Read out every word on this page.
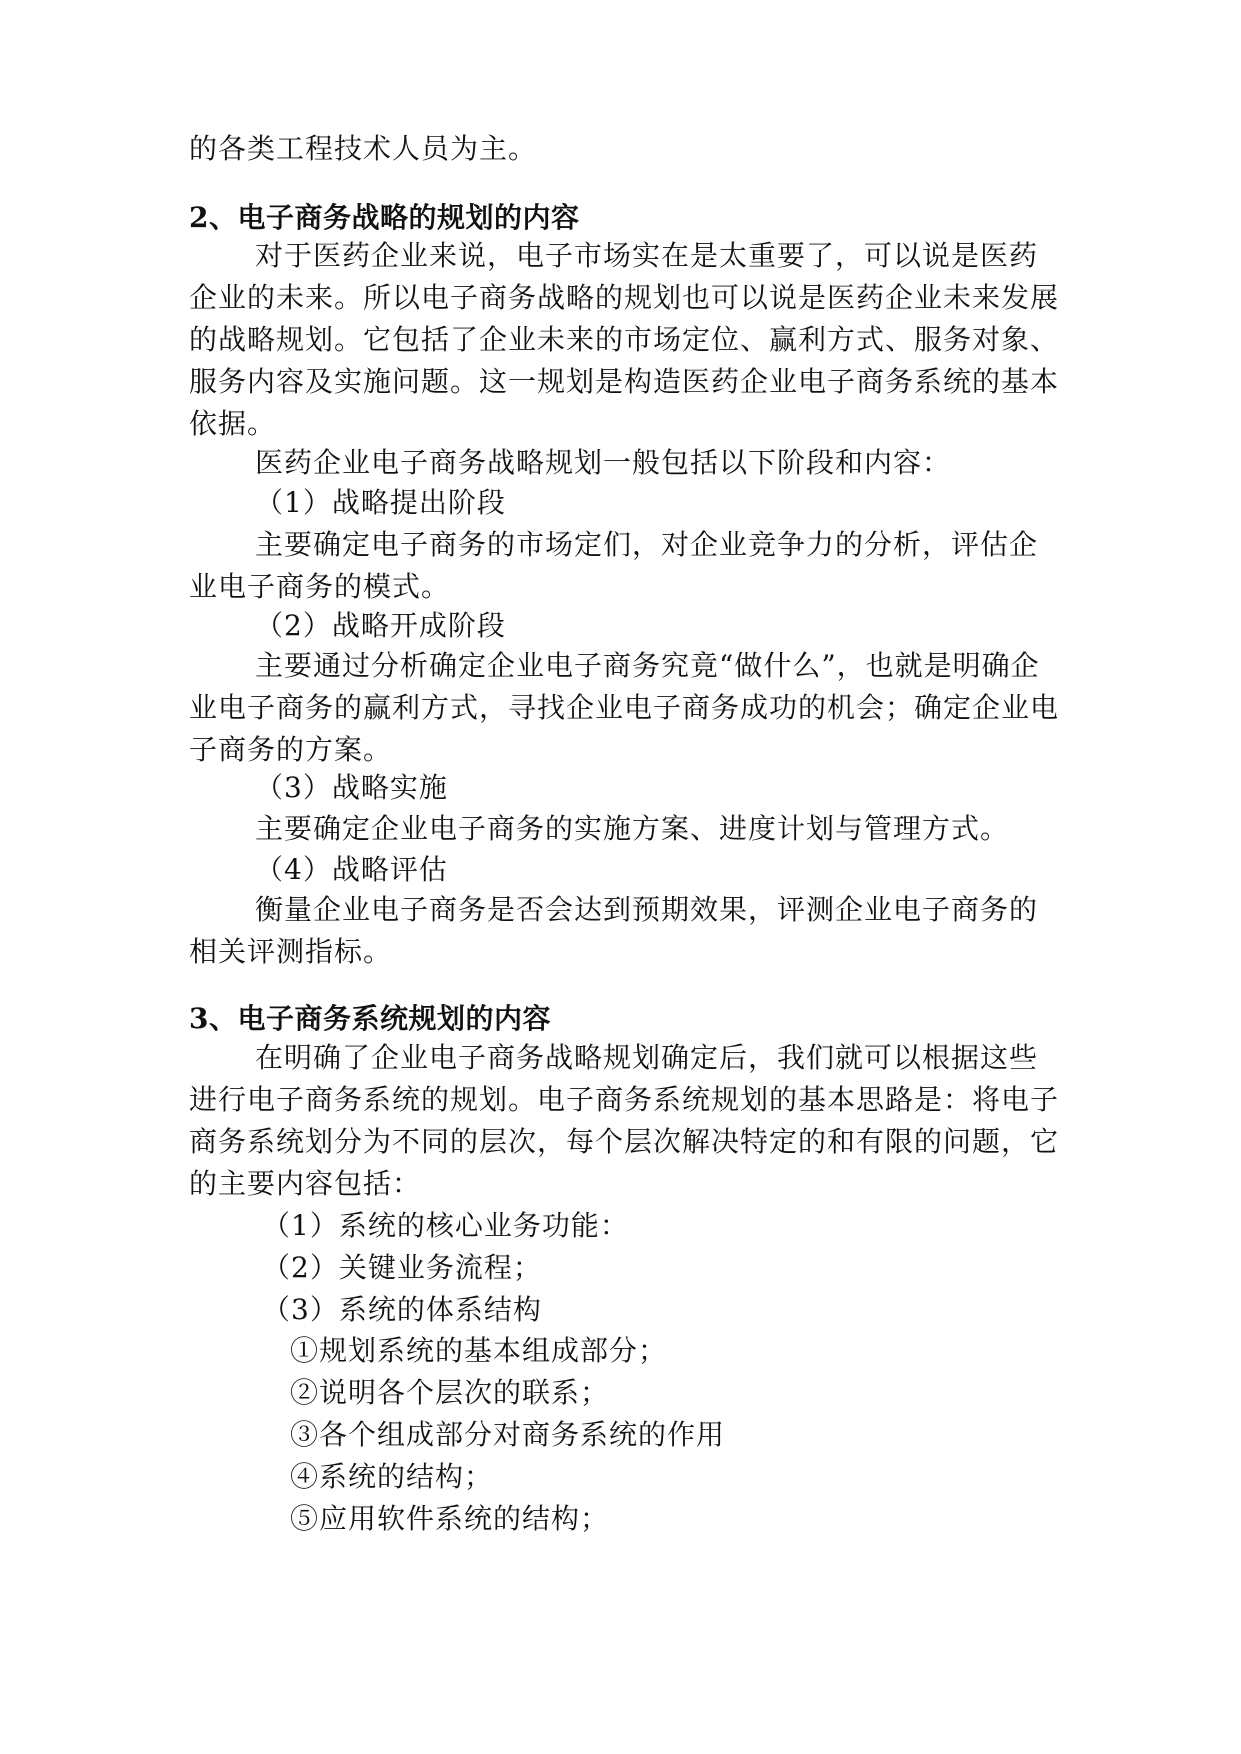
的各类工程技术人员为主。
2、电子商务战略的规划的内容
对于医药企业来说，电子市场实在是太重要了，可以说是医药
企业的未来。所以电子商务战略的规划也可以说是医药企业未来发展
的战略规划。它包括了企业未来的市场定位、赢利方式、服务对象、
服务内容及实施问题。这一规划是构造医药企业电子商务系统的基本
依据。
医药企业电子商务战略规划一般包括以下阶段和内容：
（1）战略提出阶段
主要确定电子商务的市场定们，对企业竞争力的分析，评估企
业电子商务的模式。
（2）战略开成阶段
主要通过分析确定企业电子商务究竟“做什么”，也就是明确企
业电子商务的赢利方式，寻找企业电子商务成功的机会；确定企业电
子商务的方案。
（3）战略实施
主要确定企业电子商务的实施方案、进度计划与管理方式。
（4）战略评估
衡量企业电子商务是否会达到预期效果，评测企业电子商务的
相关评测指标。
3、电子商务系统规划的内容
在明确了企业电子商务战略规划确定后，我们就可以根据这些
进行电子商务系统的规划。电子商务系统规划的基本思路是：将电子
商务系统划分为不同的层次，每个层次解决特定的和有限的问题，它
的主要内容包括：
（1）系统的核心业务功能：
（2）关键业务流程；
（3）系统的体系结构
①规划系统的基本组成部分；
②说明各个层次的联系；
③各个组成部分对商务系统的作用
④系统的结构；
⑤应用软件系统的结构；
